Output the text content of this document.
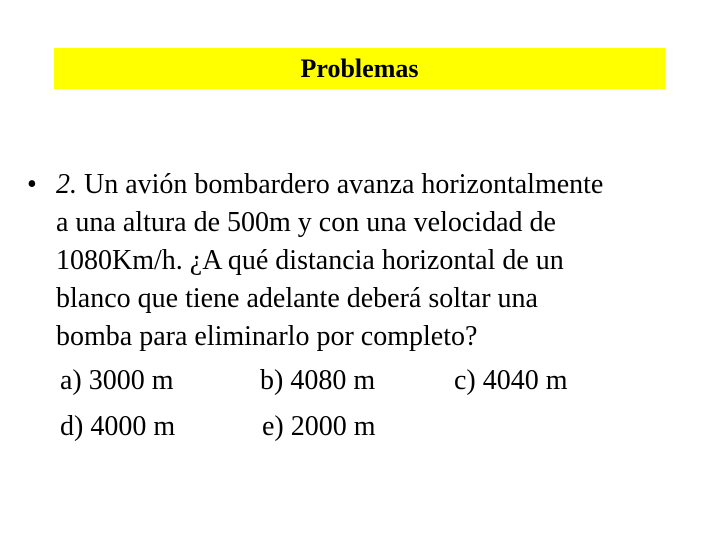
Problemas
• 2. Un avión bombardero avanza horizontalmente
a una altura de 500m y con una velocidad de
1080Km/h. ¿A qué distancia horizontal de un
blanco que tiene adelante deberá soltar una
bomba para eliminarlo por completo?
a) 3000 m	b) 4080 m	c) 4040 m
d) 4000 m	e) 2000 m
